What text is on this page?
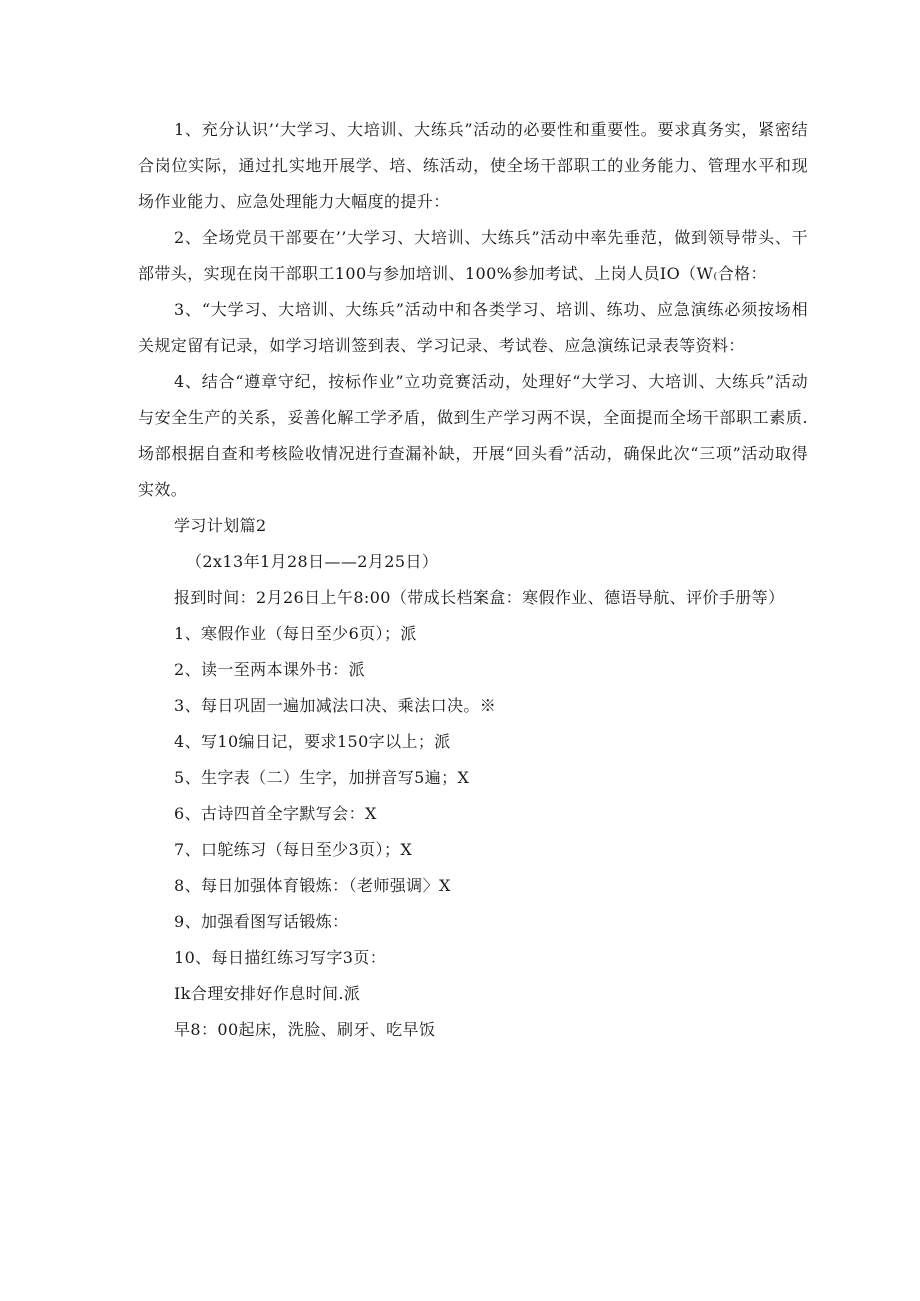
1、充分认识’‘大学习、大培训、大练兵”活动的必要性和重要性。要求真务实，紧密结合岗位实际，通过扎实地开展学、培、练活动，使全场干部职工的业务能力、管理水平和现场作业能力、应急处理能力大幅度的提升：

2、全场党员干部要在’’大学习、大培训、大练兵”活动中率先垂范，做到领导带头、干部带头，实现在岗干部职工100与参加培训、100%参加考试、上岗人员IO（W₍合格：

3、“大学习、大培训、大练兵”活动中和各类学习、培训、练功、应急演练必须按场相关规定留有记录，如学习培训签到表、学习记录、考试卷、应急演练记录表等资料：

4、结合“遵章守纪，按标作业”立功竞赛活动，处理好“大学习、大培训、大练兵”活动与安全生产的关系，妥善化解工学矛盾，做到生产学习两不误，全面提而全场干部职工素质.场部根据自查和考核险收情况进行查漏补缺，开展“回头看”活动，确保此次“三项”活动取得实效。

学习计划篇2

（2x13年1月28日——2月25日）

报到时间：2月26日上午8:00（带成长档案盒：寒假作业、德语导航、评价手册等）

1、寒假作业（每日至少6页）；派

2、读一至两本课外书：派

3、每日巩固一遍加减法口决、乘法口决。※

4、写10编日记，要求150字以上；派

5、生字表（二）生字，加拼音写5遍；X

6、古诗四首全字默写会：X

7、口鸵练习（每日至少3页）；X

8、每日加强体育锻炼：（老师强调〉X

9、加强看图写话锻炼：

10、每日描红练习写字3页：

Ik合理安排好作息时间.派

早8：00起床，洗脸、刷牙、吃早饭
